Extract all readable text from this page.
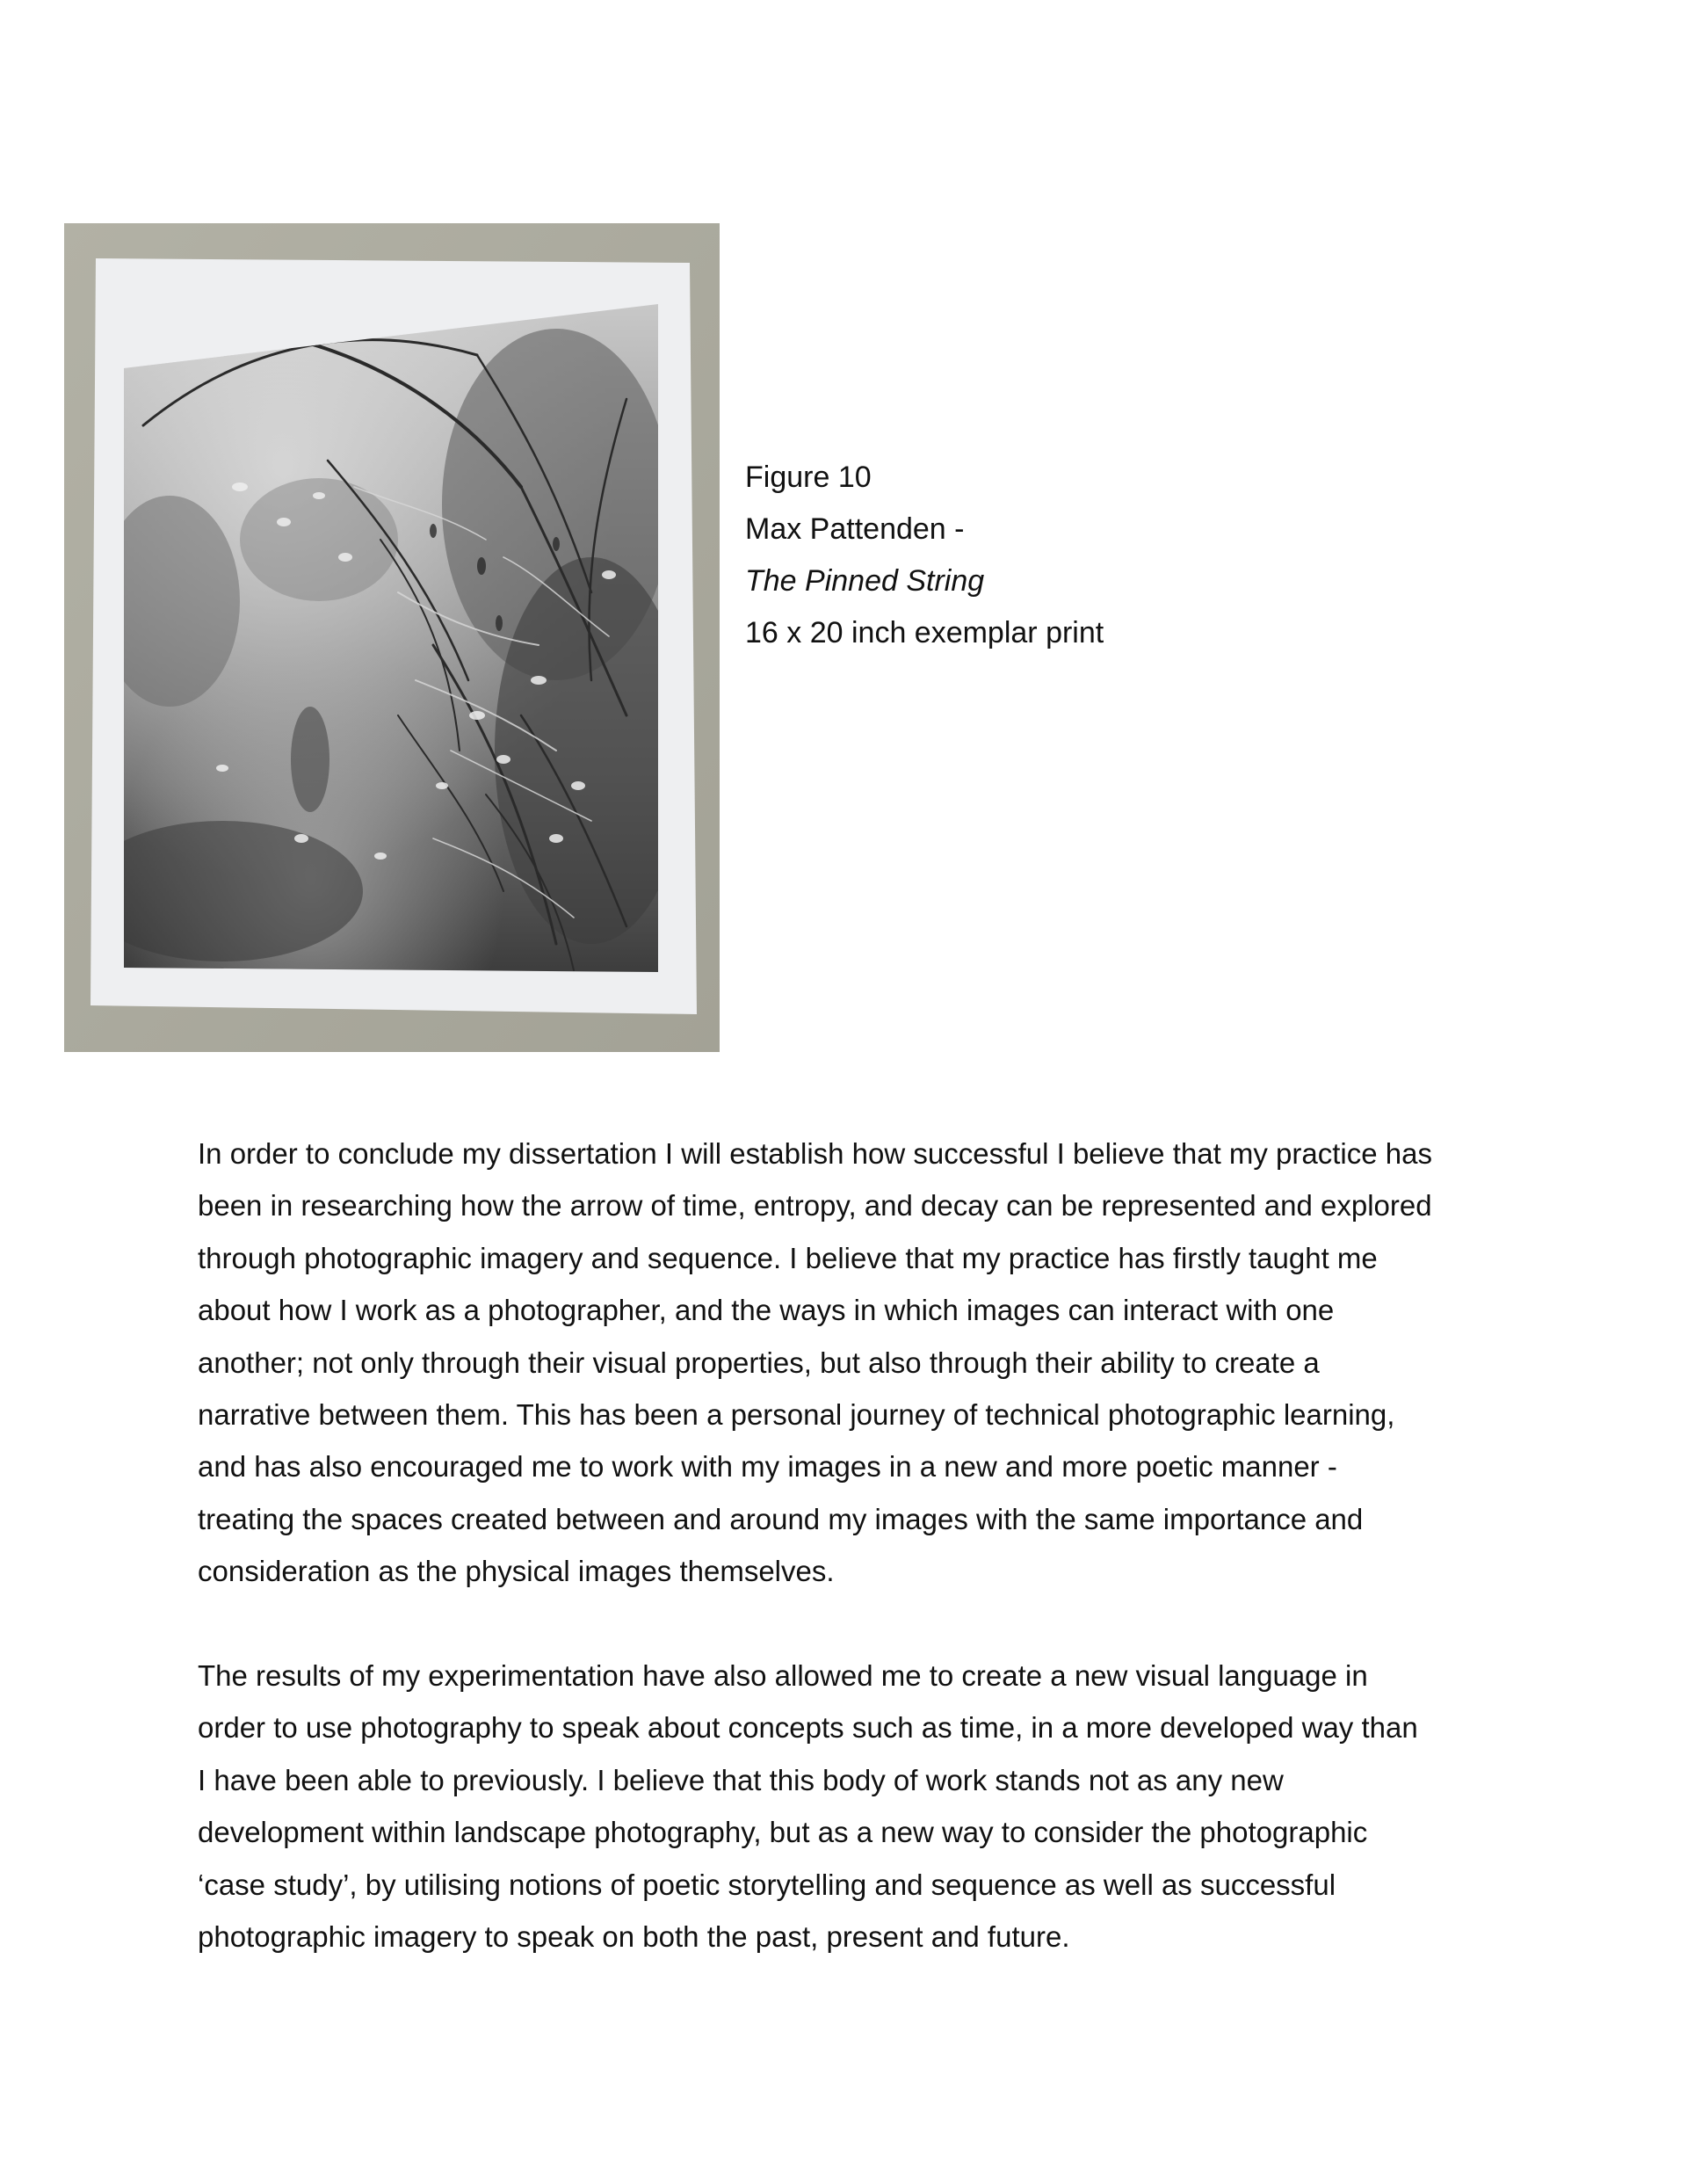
Figure 10
Max Pattenden -
The Pinned String
16 x 20 inch exemplar print

In order to conclude my dissertation I will establish how successful I believe that my practice has
been in researching how the arrow of time, entropy, and decay can be represented and explored
through photographic imagery and sequence. I believe that my practice has firstly taught me
about how I work as a photographer, and the ways in which images can interact with one
another; not only through their visual properties, but also through their ability to create a
narrative between them. This has been a personal journey of technical photographic learning,
and has also encouraged me to work with my images in a new and more poetic manner -
treating the spaces created between and around my images with the same importance and
consideration as the physical images themselves.

The results of my experimentation have also allowed me to create a new visual language in
order to use photography to speak about concepts such as time, in a more developed way than
I have been able to previously. I believe that this body of work stands not as any new
development within landscape photography, but as a new way to consider the photographic
‘case study’, by utilising notions of poetic storytelling and sequence as well as successful
photographic imagery to speak on both the past, present and future.
